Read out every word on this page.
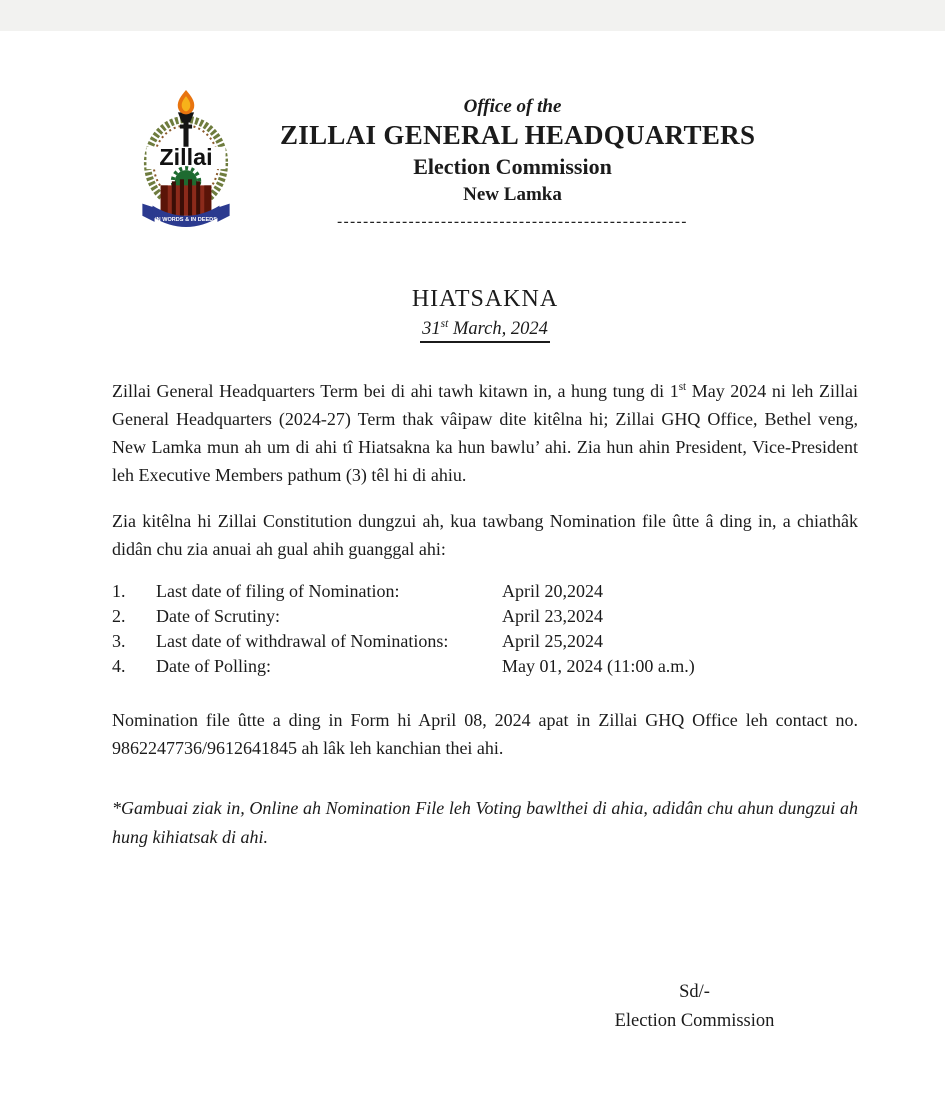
Zillai
IN WORDS & IN DEEDS
Office of the
ZILLAI GENERAL HEADQUARTERS
Election Commission
New Lamka
------------------------------------------------------
HIATSAKNA
31st March, 2024

Zillai General Headquarters Term bei di ahi tawh kitawn in, a hung tung di 1st May 2024 ni leh Zillai General Headquarters (2024-27) Term thak vâipaw dite kitêlna hi; Zillai GHQ Office, Bethel veng, New Lamka mun ah um di ahi tî Hiatsakna ka hun bawlu’ ahi. Zia hun ahin President, Vice-President leh Executive Members pathum (3) têl hi di ahiu.

Zia kitêlna hi Zillai Constitution dungzui ah, kua tawbang Nomination file ûtte â ding in, a chiathâk didân chu zia anuai ah gual ahih guanggal ahi:

1.	Last date of filing of Nomination:	April 20,2024
2.	Date of Scrutiny:	April 23,2024
3.	Last date of withdrawal of Nominations:	April 25,2024
4.	Date of Polling:	May 01, 2024 (11:00 a.m.)

Nomination file ûtte a ding in Form hi April 08, 2024 apat in Zillai GHQ Office leh contact no. 9862247736/9612641845 ah lâk leh kanchian thei ahi.

*Gambuai ziak in, Online ah Nomination File leh Voting bawlthei di ahia, adidân chu ahun dungzui ah hung kihiatsak di ahi.

Sd/-
Election Commission
